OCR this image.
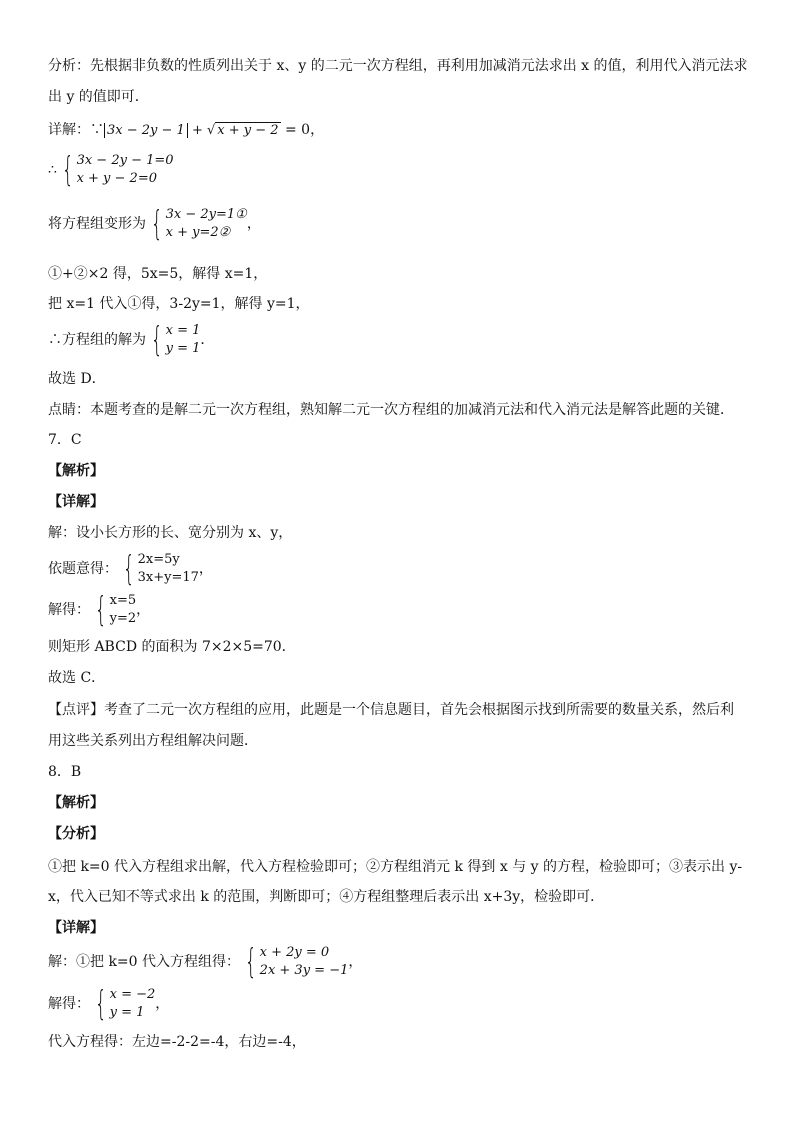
分析：先根据非负数的性质列出关于 x、y 的二元一次方程组，再利用加减消元法求出 x 的值，利用代入消元法求
出 y 的值即可．
详解：∵ 3x − 2y − 1 + √ x + y − 2 = 0，
∴ { 3x − 2y − 1=0
x + y − 2=0
将方程组变形为 { 3x − 2y=1①
x + y=2②
，
①+②×2 得，5x=5，解得 x=1，
把 x=1 代入①得，3-2y=1，解得 y=1，
∴方程组的解为 { x = 1
y = 1
．
故选 D．
点睛：本题考查的是解二元一次方程组，熟知解二元一次方程组的加减消元法和代入消元法是解答此题的关键．
7．C
【解析】
【详解】
解：设小长方形的长、宽分别为 x、y，
依题意得： { 2x=5y
3x+y=17
，
解得： { x=5
y=2
，
则矩形 ABCD 的面积为 7×2×5=70．
故选 C．
【点评】考查了二元一次方程组的应用，此题是一个信息题目，首先会根据图示找到所需要的数量关系，然后利
用这些关系列出方程组解决问题．
8．B
【解析】
【分析】
①把 k=0 代入方程组求出解，代入方程检验即可；②方程组消元 k 得到 x 与 y 的方程，检验即可；③表示出 y-
x，代入已知不等式求出 k 的范围，判断即可；④方程组整理后表示出 x+3y，检验即可．
【详解】
解：①把 k=0 代入方程组得： { x + 2y = 0
2x + 3y = −1
，
解得： { x = −2
y = 1
，
代入方程得：左边=-2-2=-4，右边=-4，
